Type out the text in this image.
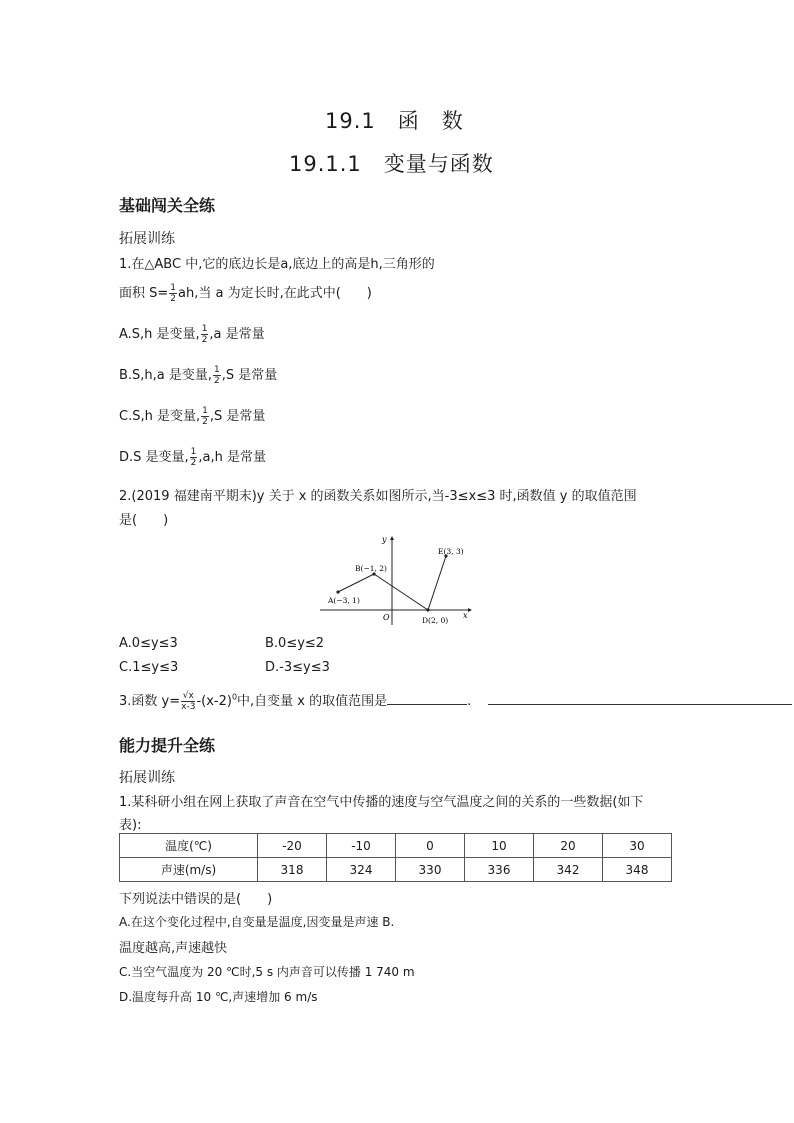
19.1　函　数
19.1.1　变量与函数
基础闯关全练
拓展训练
1.在△ABC 中,它的底边长是a,底边上的高是h,三角形的
面积 $S= \frac{1}{2}$ ah,当 a 为定长时,在此式中(　　)
A.S,h 是变量, $\frac{1}{2} ,a$ 是常量
B.S,h,a 是变量, $\frac{1}{2} ,S$ 是常量
C.S,h 是变量, $\frac{1}{2} ,S$ 是常量
D.S 是变量, $\frac{1}{2} ,a,h$ 是常量
2.(2019 福建南平期末)y 关于 x 的函数关系如图所示,当-3≤x≤3 时,函数值 y 的取值范围
是(　　)
y
x
O
A(−3, 1)
B(−1, 2)
D(2, 0)
E(3, 3)
A.0≤y≤3	B.0≤y≤2
C.1≤y≤3	D.-3≤y≤3
3.函数 $y= \frac{√x}{x-3} -(x-2)^0$中,自变量 x 的取值范围是	.
能力提升全练
拓展训练
1.某科研小组在网上获取了声音在空气中传播的速度与空气温度之间的关系的一些数据(如下
表):
温度(℃)	-20	-10	0	10	20	30
声速(m/s)	318	324	330	336	342	348
下列说法中错误的是(　　)
A.在这个变化过程中,自变量是温度,因变量是声速 B.
温度越高,声速越快
C.当空气温度为 20 ℃时,5 s 内声音可以传播 1 740 m
D.温度每升高 10 ℃,声速增加 6 m/s
